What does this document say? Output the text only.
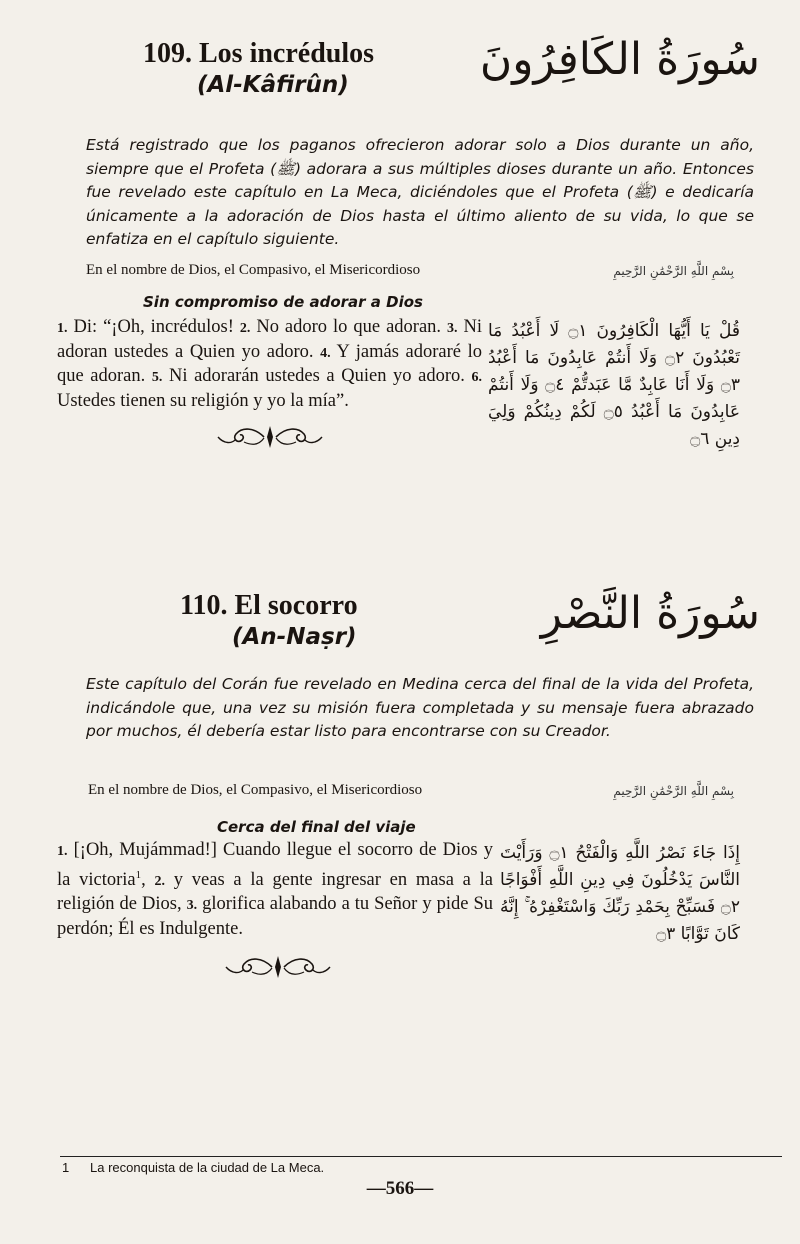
109. Los incrédulos
(Al-Kâfirûn)	سُورَةُ الكَافِرُونَ
Está registrado que los paganos ofrecieron adorar solo a Dios durante un año, siempre que el Profeta (ﷺ) adorara a sus múltiples dioses durante un año. Entonces fue revelado este capítulo en La Meca, diciéndoles que el Profeta (ﷺ) e dedicaría únicamente a la adoración de Dios hasta el último aliento de su vida, lo que se enfatiza en el capítulo siguiente.
En el nombre de Dios, el Compasivo, el Misericordioso	بِسْمِ اللَّهِ الرَّحْمَٰنِ الرَّحِيمِ
Sin compromiso de adorar a Dios
1. Di: “¡Oh, incrédulos! 2. No adoro lo que adoran. 3. Ni adoran ustedes a Quien yo adoro. 4. Y jamás adoraré lo que adoran. 5. Ni adorarán ustedes a Quien yo adoro. 6. Ustedes tienen su religión y yo la mía”.
قُلْ يَا أَيُّهَا الْكَافِرُونَ ۝١ لَا أَعْبُدُ مَا تَعْبُدُونَ ۝٢ وَلَا أَنتُمْ عَابِدُونَ مَا أَعْبُدُ ۝٣ وَلَا أَنَا عَابِدٌ مَّا عَبَدتُّمْ ۝٤ وَلَا أَنتُمْ عَابِدُونَ مَا أَعْبُدُ ۝٥ لَكُمْ دِينُكُمْ وَلِيَ دِينِ ۝٦
110. El socorro
(An-Naṣr)	سُورَةُ النَّصْرِ
Este capítulo del Corán fue revelado en Medina cerca del final de la vida del Profeta, indicándole que, una vez su misión fuera completada y su mensaje fuera abrazado por muchos, él debería estar listo para encontrarse con su Creador.
En el nombre de Dios, el Compasivo, el Misericordioso	بِسْمِ اللَّهِ الرَّحْمَٰنِ الرَّحِيمِ
Cerca del final del viaje
1. [¡Oh, Mujámmad!] Cuando llegue el socorro de Dios y la victoria$^1$, 2. y veas a la gente ingresar en masa a la religión de Dios, 3. glorifica alabando a tu Señor y pide Su perdón; Él es Indulgente.
إِذَا جَاءَ نَصْرُ اللَّهِ وَالْفَتْحُ ۝١ وَرَأَيْتَ النَّاسَ يَدْخُلُونَ فِي دِينِ اللَّهِ أَفْوَاجًا ۝٢ فَسَبِّحْ بِحَمْدِ رَبِّكَ وَاسْتَغْفِرْهُ ۚ إِنَّهُ كَانَ تَوَّابًا ۝٣
1 La reconquista de la ciudad de La Meca.
—566—
